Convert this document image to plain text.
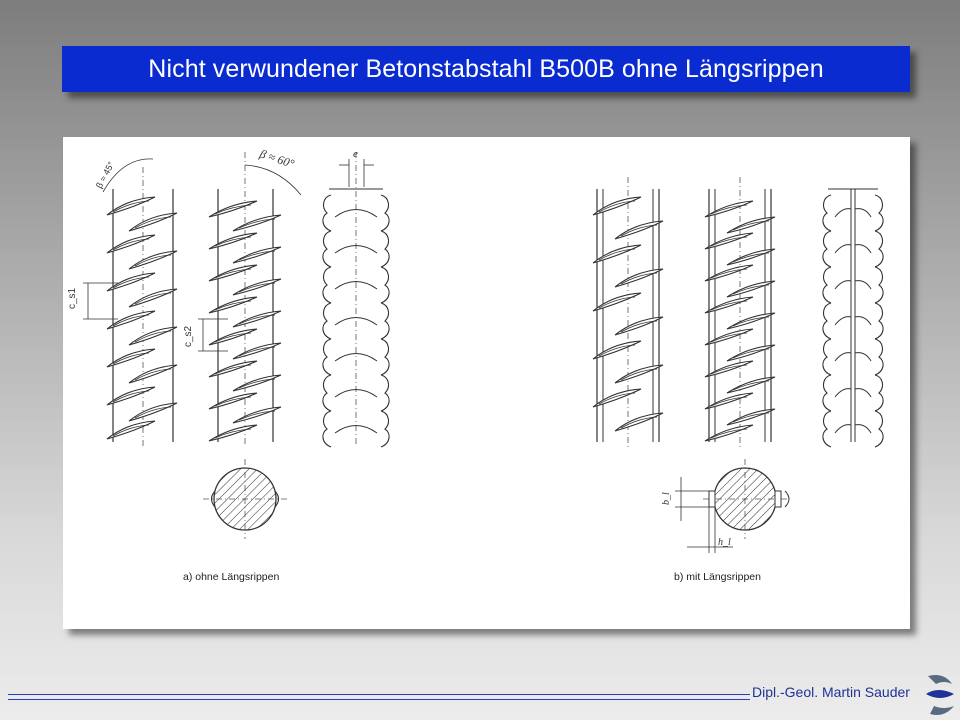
Nicht verwundener Betonstabstahl B500B ohne Längsrippen
c_s1
β ≈ 45°
c_s2
β ≈ 60°	e
b_l
h_l
a) ohne Längsrippen	b) mit Längsrippen
Dipl.-Geol. Martin Sauder
